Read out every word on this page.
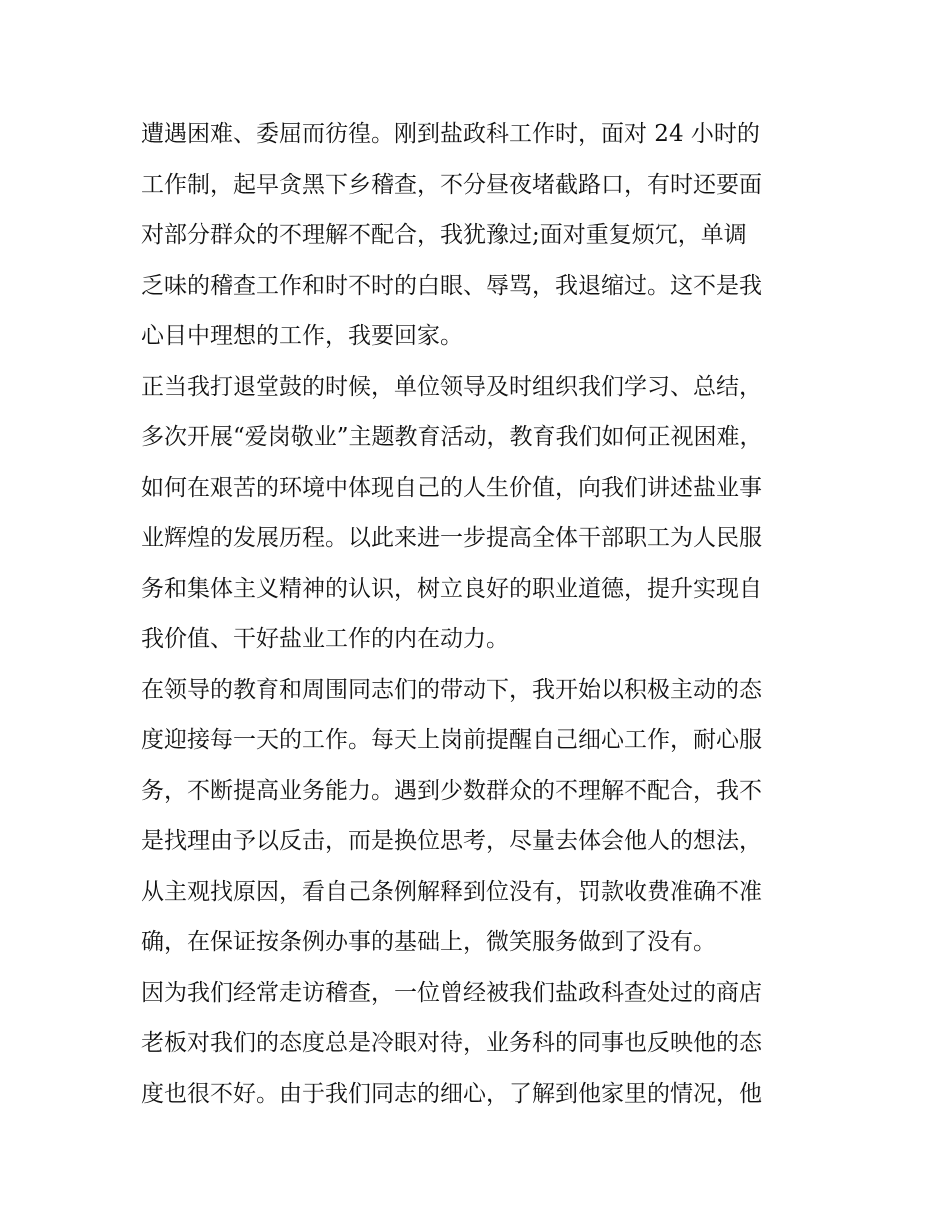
遭遇困难、委屈而彷徨。刚到盐政科工作时，面对 24 小时的
工作制，起早贪黑下乡稽查，不分昼夜堵截路口，有时还要面
对部分群众的不理解不配合，我犹豫过;面对重复烦冗，单调
乏味的稽查工作和时不时的白眼、辱骂，我退缩过。这不是我
心目中理想的工作，我要回家。
正当我打退堂鼓的时候，单位领导及时组织我们学习、总结，
多次开展“爱岗敬业”主题教育活动，教育我们如何正视困难，
如何在艰苦的环境中体现自己的人生价值，向我们讲述盐业事
业辉煌的发展历程。以此来进一步提高全体干部职工为人民服
务和集体主义精神的认识，树立良好的职业道德，提升实现自
我价值、干好盐业工作的内在动力。
在领导的教育和周围同志们的带动下，我开始以积极主动的态
度迎接每一天的工作。每天上岗前提醒自己细心工作，耐心服
务，不断提高业务能力。遇到少数群众的不理解不配合，我不
是找理由予以反击，而是换位思考，尽量去体会他人的想法，
从主观找原因，看自己条例解释到位没有，罚款收费准确不准
确，在保证按条例办事的基础上，微笑服务做到了没有。
因为我们经常走访稽查，一位曾经被我们盐政科查处过的商店
老板对我们的态度总是冷眼对待，业务科的同事也反映他的态
度也很不好。由于我们同志的细心，了解到他家里的情况，他
